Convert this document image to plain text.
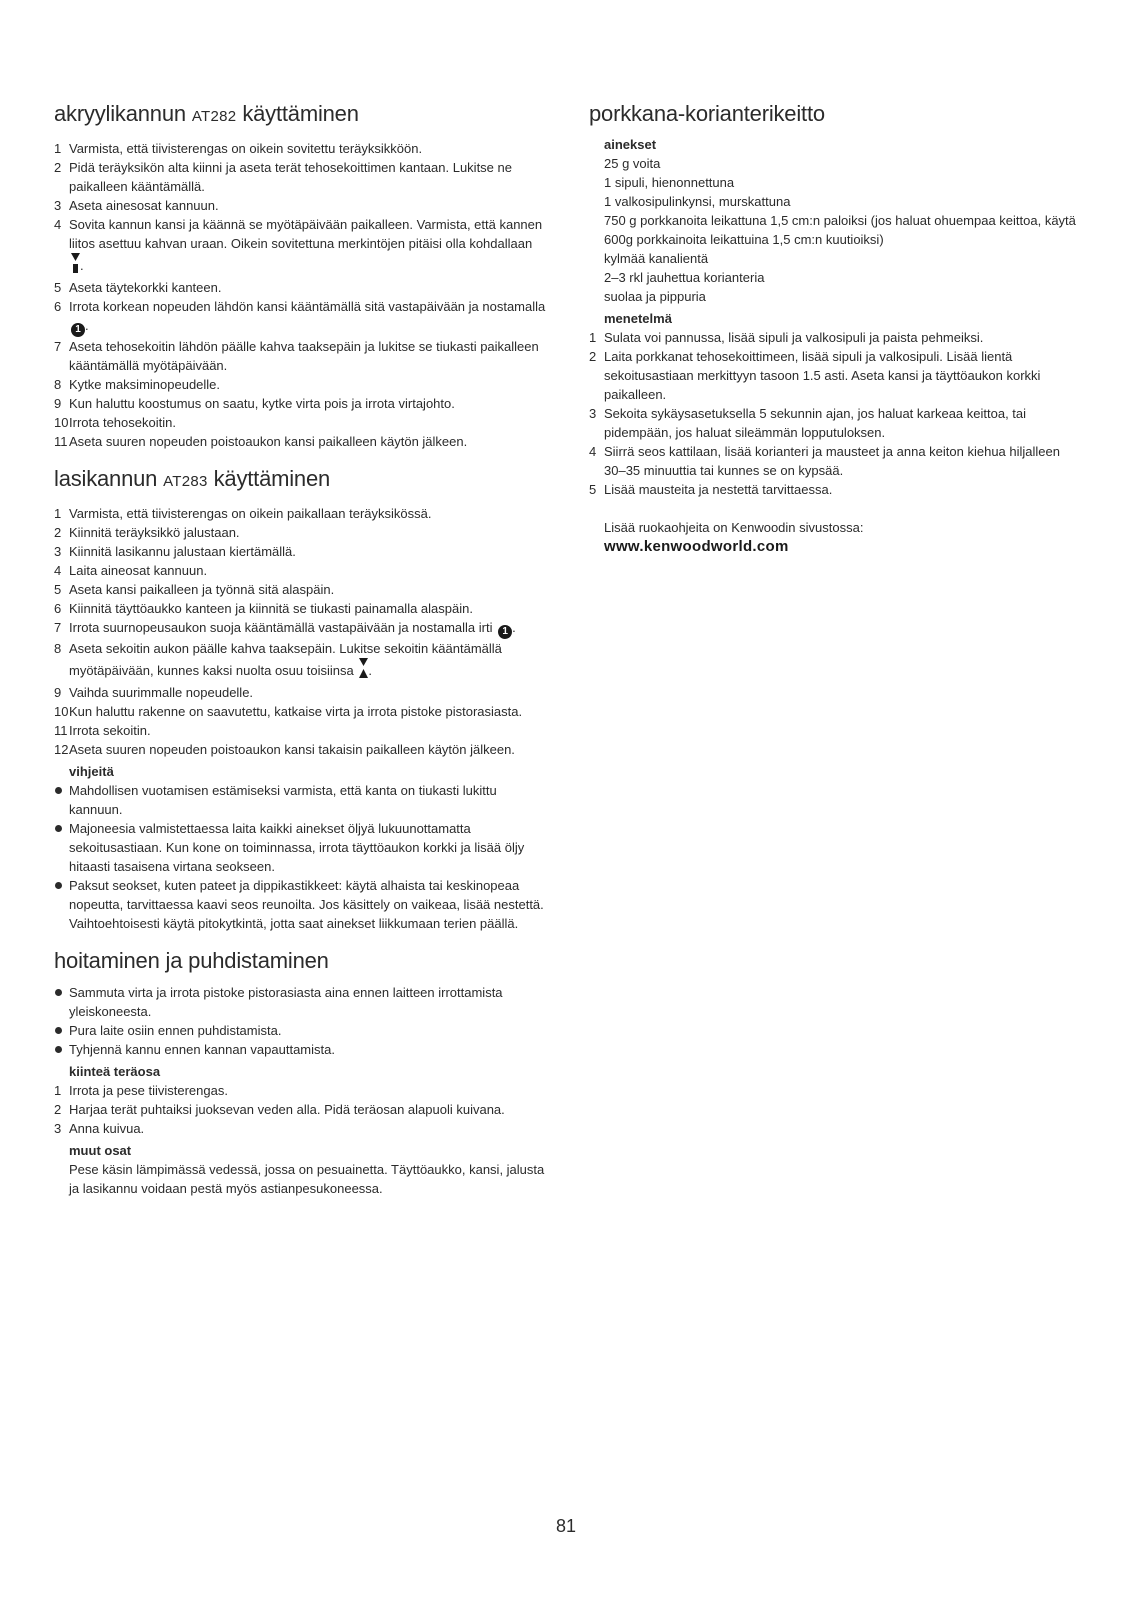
akryylikannun AT282 käyttäminen
1 Varmista, että tiivisterengas on oikein sovitettu teräyksikköön.
2 Pidä teräyksikön alta kiinni ja aseta terät tehosekoittimen kantaan. Lukitse ne paikalleen kääntämällä.
3 Aseta ainesosat kannuun.
4 Sovita kannun kansi ja käännä se myötäpäivään paikalleen. Varmista, että kannen liitos asettuu kahvan uraan. Oikein sovitettuna merkintöjen pitäisi olla kohdallaan .
5 Aseta täytekorkki kanteen.
6 Irrota korkean nopeuden lähdön kansi kääntämällä sitä vastapäivään ja nostamalla 1 .
7 Aseta tehosekoitin lähdön päälle kahva taaksepäin ja lukitse se tiukasti paikalleen kääntämällä myötäpäivään.
8 Kytke maksiminopeudelle.
9 Kun haluttu koostumus on saatu, kytke virta pois ja irrota virtajohto.
10 Irrota tehosekoitin.
11 Aseta suuren nopeuden poistoaukon kansi paikalleen käytön jälkeen.
lasikannun AT283 käyttäminen
1 Varmista, että tiivisterengas on oikein paikallaan teräyksikössä.
2 Kiinnitä teräyksikkö jalustaan.
3 Kiinnitä lasikannu jalustaan kiertämällä.
4 Laita aineosat kannuun.
5 Aseta kansi paikalleen ja työnnä sitä alaspäin.
6 Kiinnitä täyttöaukko kanteen ja kiinnitä se tiukasti painamalla alaspäin.
7 Irrota suurnopeusaukon suoja kääntämällä vastapäivään ja nostamalla irti 1 .
8 Aseta sekoitin aukon päälle kahva taaksepäin. Lukitse sekoitin kääntämällä myötäpäivään, kunnes kaksi nuolta osuu toisiinsa .
9 Vaihda suurimmalle nopeudelle.
10 Kun haluttu rakenne on saavutettu, katkaise virta ja irrota pistoke pistorasiasta.
11 Irrota sekoitin.
12 Aseta suuren nopeuden poistoaukon kansi takaisin paikalleen käytön jälkeen.
vihjeitä
Mahdollisen vuotamisen estämiseksi varmista, että kanta on tiukasti lukittu kannuun.
Majoneesia valmistettaessa laita kaikki ainekset öljyä lukuunottamatta sekoitusastiaan. Kun kone on toiminnassa, irrota täyttöaukon korkki ja lisää öljy hitaasti tasaisena virtana seokseen.
Paksut seokset, kuten pateet ja dippikastikkeet: käytä alhaista tai keskinopeaa nopeutta, tarvittaessa kaavi seos reunoilta. Jos käsittely on vaikeaa, lisää nestettä. Vaihtoehtoisesti käytä pitokytkintä, jotta saat ainekset liikkumaan terien päällä.
hoitaminen ja puhdistaminen
Sammuta virta ja irrota pistoke pistorasiasta aina ennen laitteen irrottamista yleiskoneesta.
Pura laite osiin ennen puhdistamista.
Tyhjennä kannu ennen kannan vapauttamista.
kiinteä teräosa
1 Irrota ja pese tiivisterengas.
2 Harjaa terät puhtaiksi juoksevan veden alla. Pidä teräosan alapuoli kuivana.
3 Anna kuivua.
muut osat
Pese käsin lämpimässä vedessä, jossa on pesuainetta. Täyttöaukko, kansi, jalusta ja lasikannu voidaan pestä myös astianpesukoneessa.
porkkana-korianterikeitto
ainekset
25 g voita
1 sipuli, hienonnettuna
1 valkosipulinkynsi, murskattuna
750 g porkkanoita leikattuna 1,5 cm:n paloiksi (jos haluat ohuempaa keittoa, käytä 600g porkkainoita leikattuina 1,5 cm:n kuutioiksi)
kylmää kanalientä
2–3 rkl jauhettua korianteria
suolaa ja pippuria
menetelmä
1 Sulata voi pannussa, lisää sipuli ja valkosipuli ja paista pehmeiksi.
2 Laita porkkanat tehosekoittimeen, lisää sipuli ja valkosipuli. Lisää lientä sekoitusastiaan merkittyyn tasoon 1.5 asti. Aseta kansi ja täyttöaukon korkki paikalleen.
3 Sekoita sykäysasetuksella 5 sekunnin ajan, jos haluat karkeaa keittoa, tai pidempään, jos haluat sileämmän lopputuloksen.
4 Siirrä seos kattilaan, lisää korianteri ja mausteet ja anna keiton kiehua hiljalleen 30–35 minuuttia tai kunnes se on kypsää.
5 Lisää mausteita ja nestettä tarvittaessa.
Lisää ruokaohjeita on Kenwoodin sivustossa:
www.kenwoodworld.com
81
